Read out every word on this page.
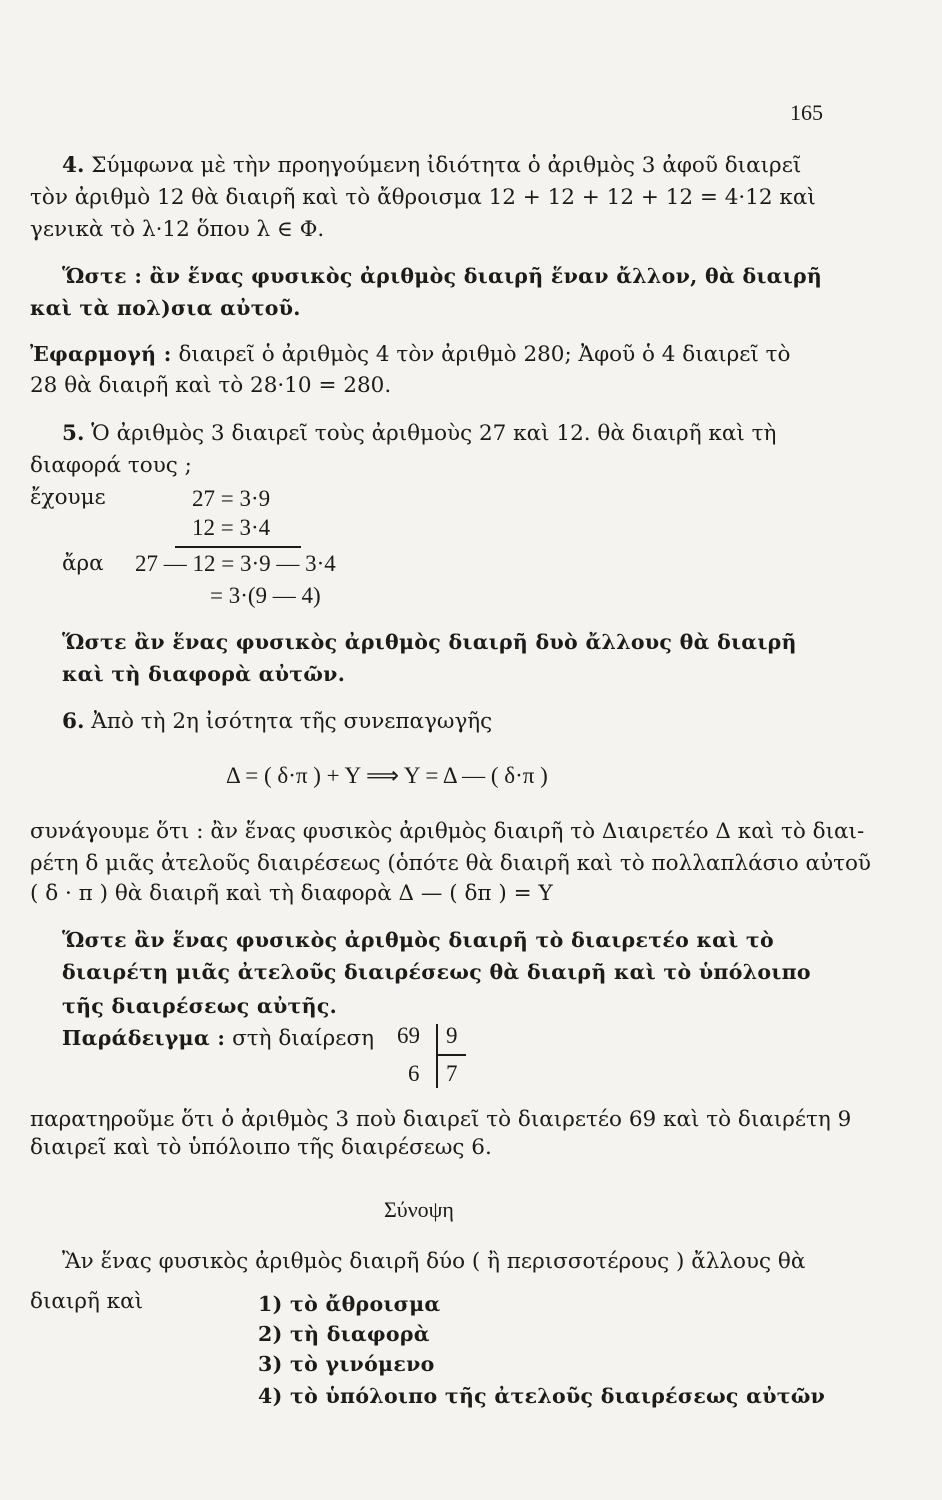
165
4. Σύμφωνα μὲ τὴν προηγούμενη ἰδιότητα ὁ ἀριθμὸς 3 ἀφοῦ διαιρεῖ
τὸν ἀριθμὸ 12 θὰ διαιρῆ καὶ τὸ ἄθροισμα 12 + 12 + 12 + 12 = 4·12 καὶ
γενικὰ τὸ λ·12 ὅπου λ ∈ Φ.
Ὥστε : ἂν ἕνας φυσικὸς ἀριθμὸς διαιρῆ ἕναν ἄλλον, θὰ διαιρῆ
καὶ τὰ πολ)σια αὐτοῦ.
Ἐφαρμογή : διαιρεῖ ὁ ἀριθμὸς 4 τὸν ἀριθμὸ 280; Ἀφοῦ ὁ 4 διαιρεῖ τὸ
28 θὰ διαιρῆ καὶ τὸ 28·10 = 280.
5. Ὁ ἀριθμὸς 3 διαιρεῖ τοὺς ἀριθμοὺς 27 καὶ 12. θὰ διαιρῆ καὶ τὴ
διαφορά τους ;
ἔχουμε	27 = 3·9
12 = 3·4
ἄρα 27 — 12 = 3·9 — 3·4
= 3·(9 — 4)
Ὥστε ἂν ἕνας φυσικὸς ἀριθμὸς διαιρῆ δυὸ ἄλλους θὰ διαιρῆ
καὶ τὴ διαφορὰ αὐτῶν.
6. Ἀπὸ τὴ 2η ἰσότητα τῆς συνεπαγωγῆς
Δ = ( δ·π ) + Υ ⟹ Υ = Δ — ( δ·π )
συνάγουμε ὅτι : ἂν ἕνας φυσικὸς ἀριθμὸς διαιρῆ τὸ Διαιρετέο Δ καὶ τὸ διαι-
ρέτη δ μιᾶς ἀτελοῦς διαιρέσεως (ὁπότε θὰ διαιρῆ καὶ τὸ πολλαπλάσιο αὐτοῦ
( δ · π ) θὰ διαιρῆ καὶ τὴ διαφορὰ Δ — ( δπ ) = Υ
Ὥστε ἂν ἕνας φυσικὸς ἀριθμὸς διαιρῆ τὸ διαιρετέο καὶ τὸ
διαιρέτη μιᾶς ἀτελοῦς διαιρέσεως θὰ διαιρῆ καὶ τὸ ὑπόλοιπο
τῆς διαιρέσεως αὐτῆς.
Παράδειγμα : στὴ διαίρεση 69 9
6 7
παρατηροῦμε ὅτι ὁ ἀριθμὸς 3 ποὺ διαιρεῖ τὸ διαιρετέο 69 καὶ τὸ διαιρέτη 9
διαιρεῖ καὶ τὸ ὑπόλοιπο τῆς διαιρέσεως 6.
Σύνοψη
Ἂν ἕνας φυσικὸς ἀριθμὸς διαιρῆ δύο ( ἢ περισσοτέρους ) ἄλλους θὰ
διαιρῆ καὶ	1) τὸ ἄθροισμα
2) τὴ διαφορὰ
3) τὸ γινόμενο
4) τὸ ὑπόλοιπο τῆς ἀτελοῦς διαιρέσεως αὐτῶν
